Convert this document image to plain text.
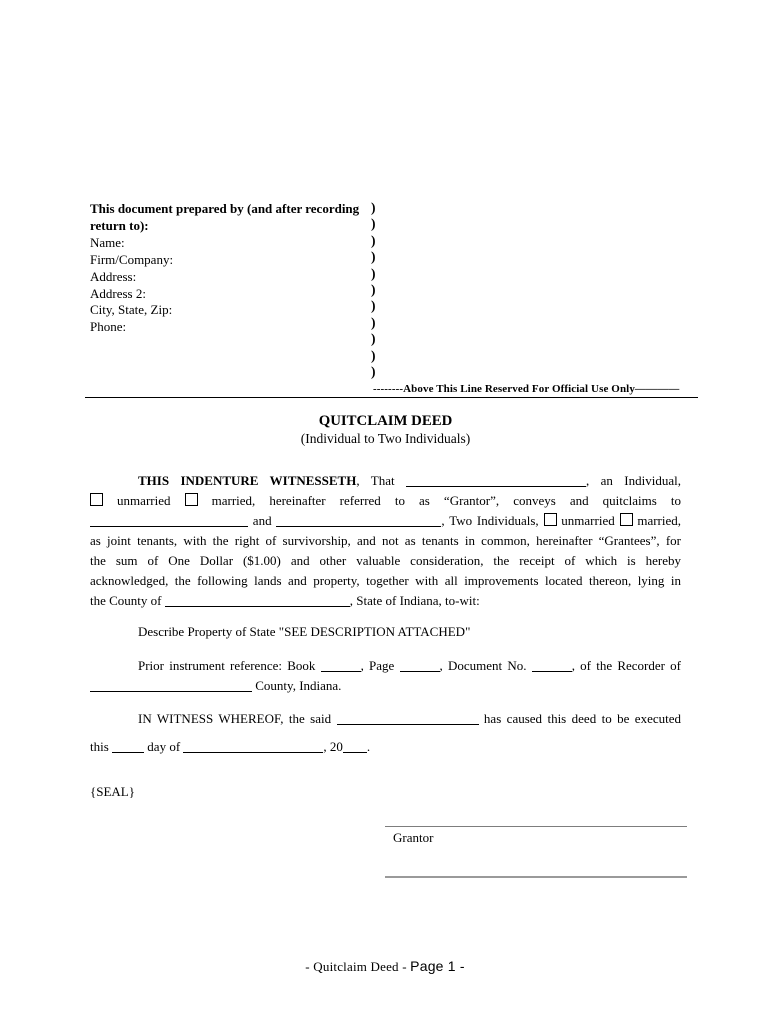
This document prepared by (and after recording
return to):
Name:
Firm/Company:
Address:
Address 2:
City, State, Zip:
Phone:
)
)
)
)
)
)
)
)
)
)
)
--------Above This Line Reserved For Official Use Only————
QUITCLAIM DEED
(Individual to Two Individuals)
THIS INDENTURE WITNESSETH, That	, an Individual,
unmarried  married, hereinafter referred to as “Grantor”, conveys and quitclaims to
and	, Two Individuals,  unmarried  married,
as joint tenants, with the right of survivorship, and not as tenants in common, hereinafter “Grantees”, for
the sum of One Dollar ($1.00) and other valuable consideration, the receipt of which is hereby
acknowledged, the following lands and property, together with all improvements located thereon, lying in
the County of	, State of Indiana, to-wit:
Describe Property of State "SEE DESCRIPTION ATTACHED"
Prior instrument reference: Book	, Page	, Document No.	, of the Recorder of
County, Indiana.
IN WITNESS WHEREOF, the said	has caused this deed to be executed
this  day of	, 20 .
{SEAL}
Grantor
- Quitclaim Deed - Page 1 -
